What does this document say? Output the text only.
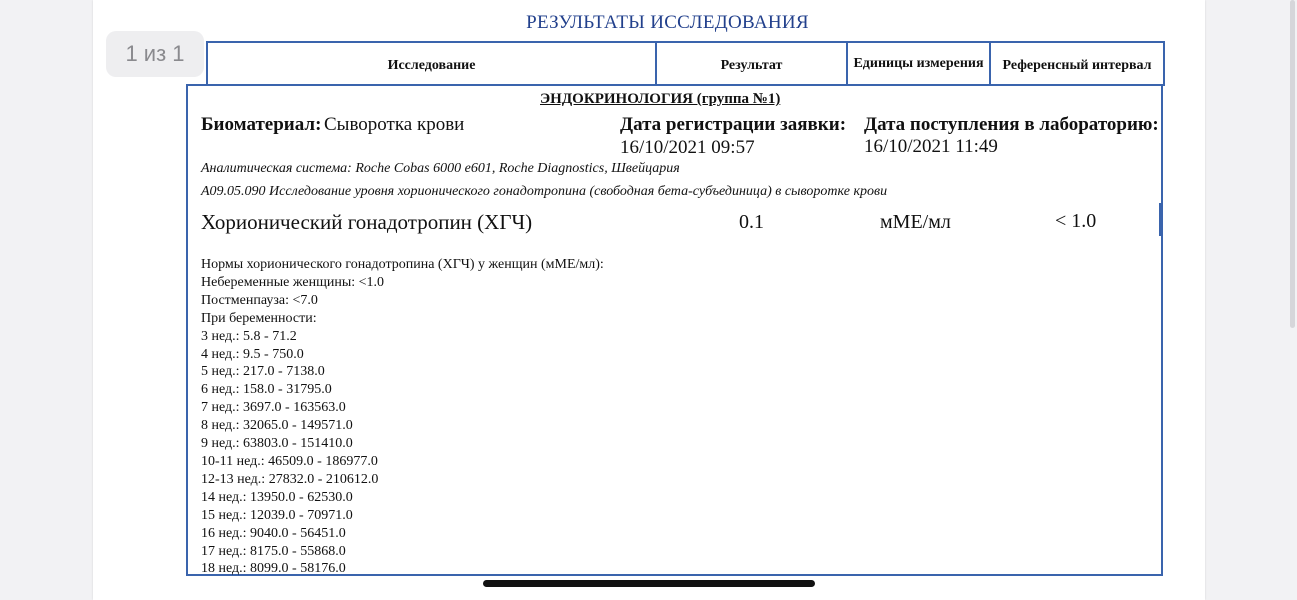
РЕЗУЛЬТАТЫ ИССЛЕДОВАНИЯ
1 из 1	Исследование	Результат	Единицы измерения	Референсный интервал
ЭНДОКРИНОЛОГИЯ (группа №1)
Биоматериал: Сыворотка крови	Дата регистрации заявки:
16/10/2021 09:57
Дата поступления в лабораторию:
16/10/2021 11:49
Аналитическая система: Roche Cobas 6000 e601, Roche Diagnostics, Швейцария
А09.05.090 Исследование уровня хорионического гонадотропина (свободная бета-субъединица) в сыворотке крови
Хорионический гонадотропин (ХГЧ)	0.1	мМЕ/мл	< 1.0
Нормы хорионического гонадотропина (ХГЧ) у женщин (мМЕ/мл):
Небеременные женщины: <1.0
Постменпауза: <7.0
При беременности:
3 нед.: 5.8 - 71.2
4 нед.: 9.5 - 750.0
5 нед.: 217.0 - 7138.0
6 нед.: 158.0 - 31795.0
7 нед.: 3697.0 - 163563.0
8 нед.: 32065.0 - 149571.0
9 нед.: 63803.0 - 151410.0
10-11 нед.: 46509.0 - 186977.0
12-13 нед.: 27832.0 - 210612.0
14 нед.: 13950.0 - 62530.0
15 нед.: 12039.0 - 70971.0
16 нед.: 9040.0 - 56451.0
17 нед.: 8175.0 - 55868.0
18 нед.: 8099.0 - 58176.0
